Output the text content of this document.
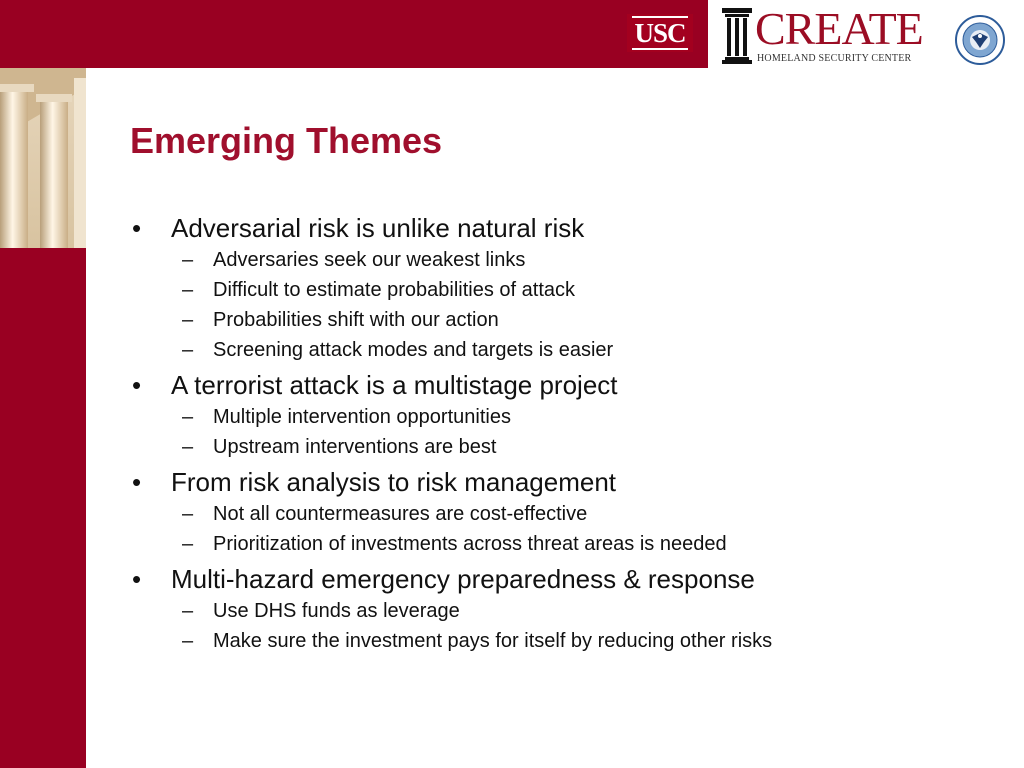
USC CREATE
HOMELAND SECURITY CENTER
Emerging Themes
•	Adversarial risk is unlike natural risk
– Adversaries seek our weakest links
– Difficult to estimate probabilities of attack
– Probabilities shift with our action
– Screening attack modes and targets is easier
•	A terrorist attack is a multistage project
– Multiple intervention opportunities
– Upstream interventions are best
•	From risk analysis to risk management
– Not all countermeasures are cost-effective
– Prioritization of investments across threat areas is needed
•	Multi-hazard emergency preparedness & response
– Use DHS funds as leverage
– Make sure the investment pays for itself by reducing other risks
